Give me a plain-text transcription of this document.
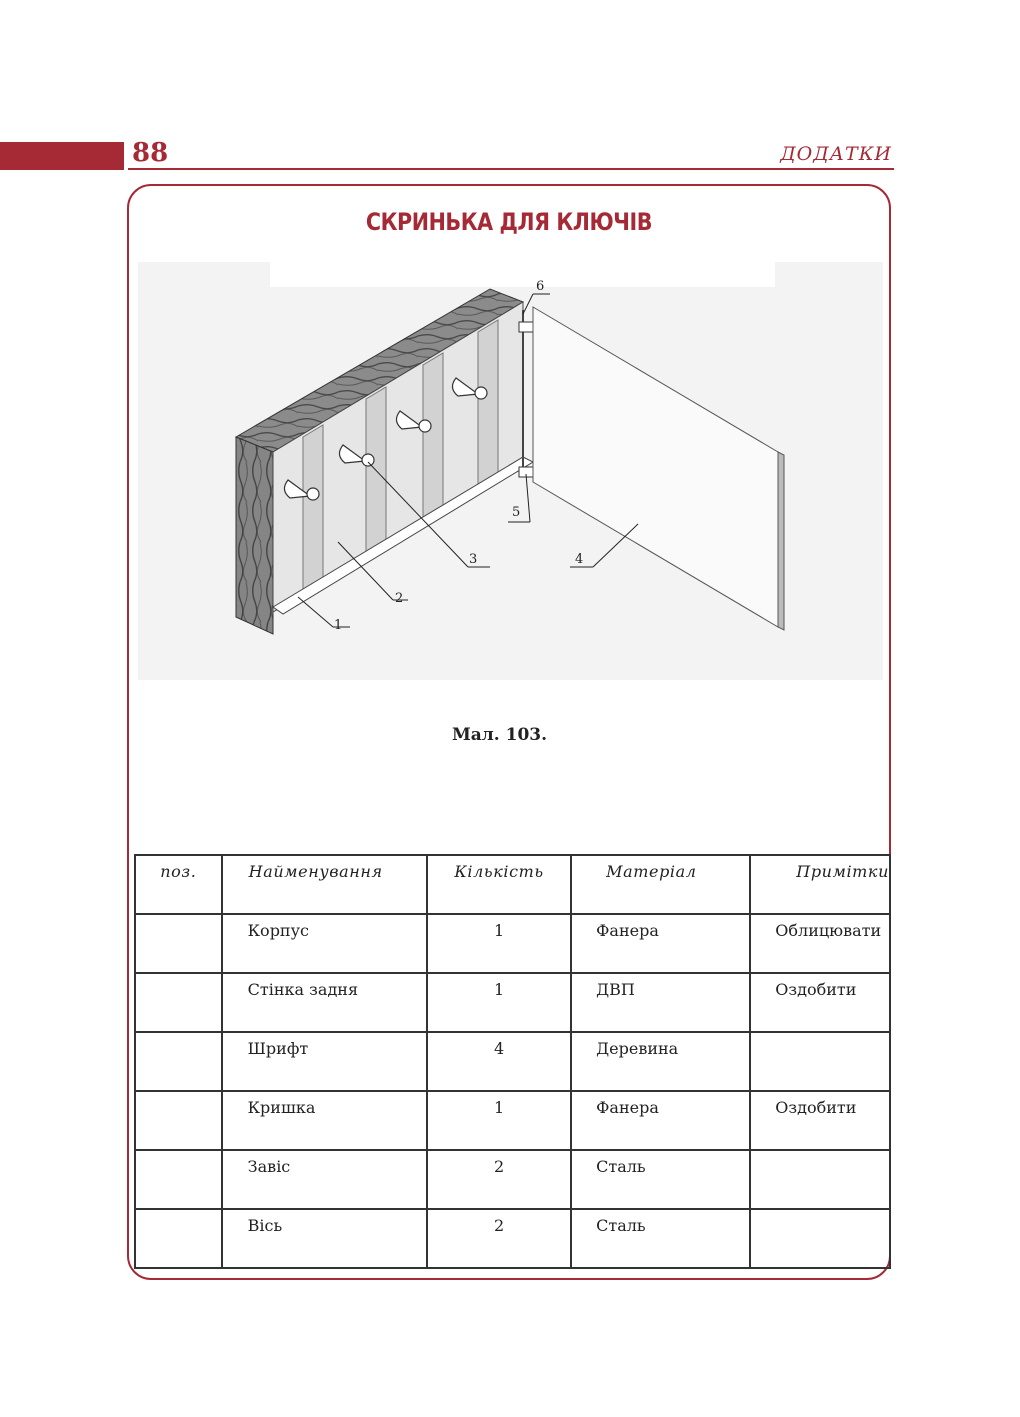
88	ДОДАТКИ
СКРИНЬКА ДЛЯ КЛЮЧІВ
1
2
3	4
5
6
Мал. 103.
поз.	Найменування	Кількість	Матеріал	Примітки
	Корпус	1	Фанера	Облицювати
	Стінка задня	1	ДВП	Оздобити
	Шрифт	4	Деревина	
	Кришка	1	Фанера	Оздобити
	Завіс	2	Сталь	
	Вісь	2	Сталь	
